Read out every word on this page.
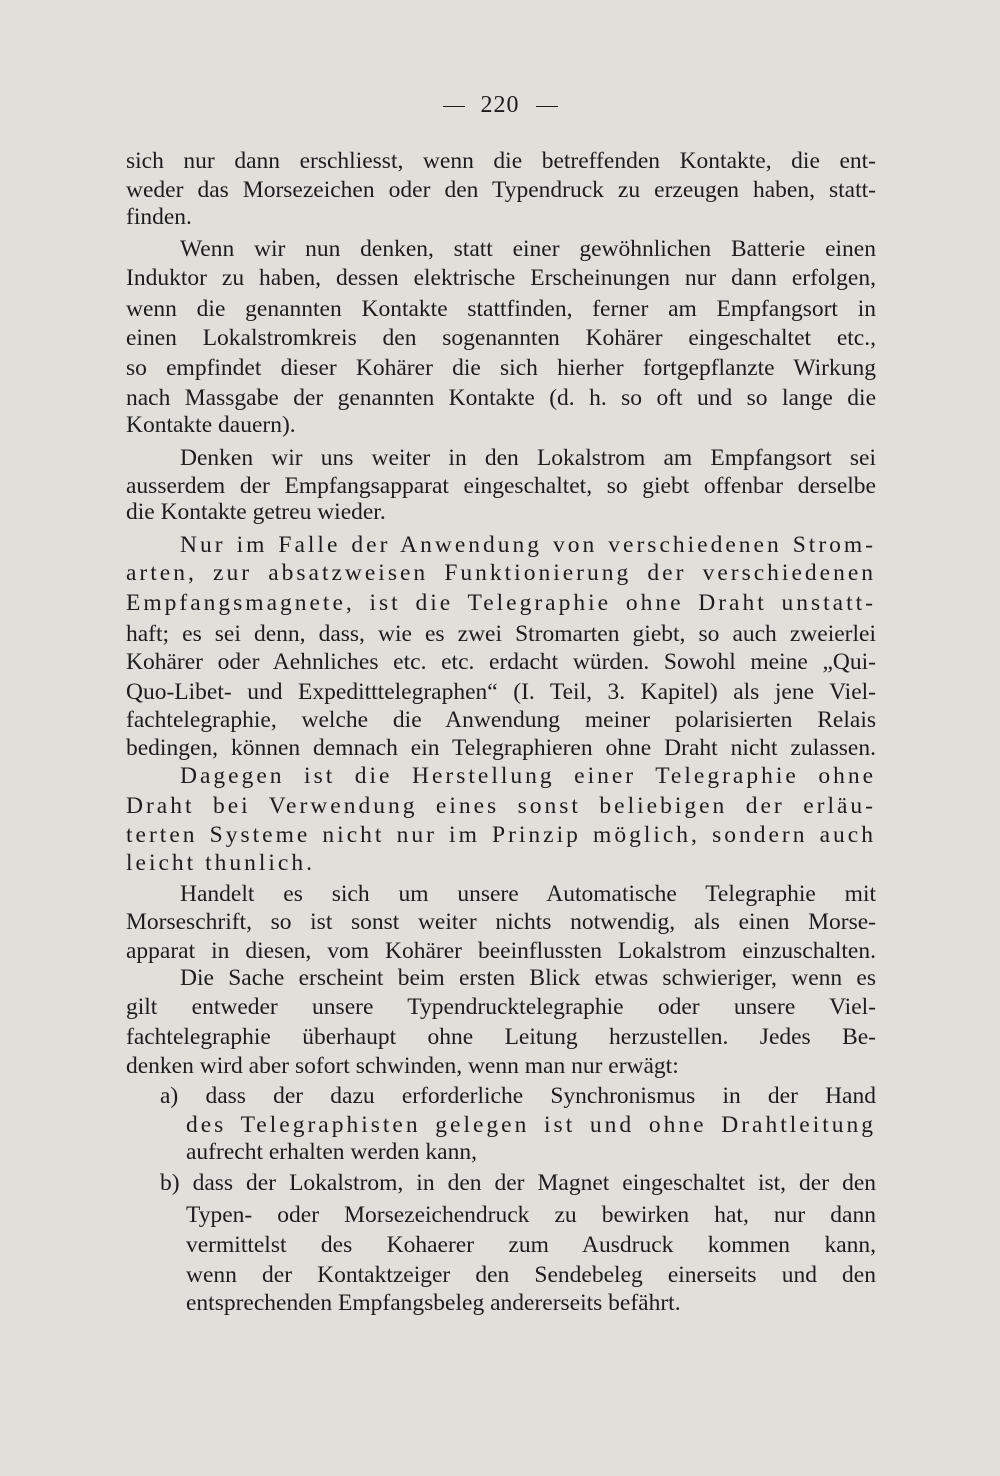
220
sich nur dann erschliesst, wenn die betreffenden Kontakte, die ent-
weder das Morsezeichen oder den Typendruck zu erzeugen haben, statt-
finden.
Wenn wir nun denken, statt einer gewöhnlichen Batterie einen
Induktor zu haben, dessen elektrische Erscheinungen nur dann erfolgen,
wenn die genannten Kontakte stattfinden, ferner am Empfangsort in
einen Lokalstromkreis den sogenannten Kohärer eingeschaltet etc.,
so empfindet dieser Kohärer die sich hierher fortgepflanzte Wirkung
nach Massgabe der genannten Kontakte (d. h. so oft und so lange die
Kontakte dauern).
Denken wir uns weiter in den Lokalstrom am Empfangsort sei
ausserdem der Empfangsapparat eingeschaltet, so giebt offenbar derselbe
die Kontakte getreu wieder.
Nur im Falle der Anwendung von verschiedenen Strom-
arten, zur absatzweisen Funktionierung der verschiedenen
Empfangsmagnete, ist die Telegraphie ohne Draht unstatt-
haft; es sei denn, dass, wie es zwei Stromarten giebt, so auch zweierlei
Kohärer oder Aehnliches etc. etc. erdacht würden. Sowohl meine „Qui-
Quo-Libet- und Expeditttelegraphen“ (I. Teil, 3. Kapitel) als jene Viel-
fachtelegraphie, welche die Anwendung meiner polarisierten Relais
bedingen, können demnach ein Telegraphieren ohne Draht nicht zulassen.
Dagegen ist die Herstellung einer Telegraphie ohne
Draht bei Verwendung eines sonst beliebigen der erläu-
terten Systeme nicht nur im Prinzip möglich, sondern auch
leicht thunlich.
Handelt es sich um unsere Automatische Telegraphie mit
Morseschrift, so ist sonst weiter nichts notwendig, als einen Morse-
apparat in diesen, vom Kohärer beeinflussten Lokalstrom einzuschalten.
Die Sache erscheint beim ersten Blick etwas schwieriger, wenn es
gilt entweder unsere Typendrucktelegraphie oder unsere Viel-
fachtelegraphie überhaupt ohne Leitung herzustellen. Jedes Be-
denken wird aber sofort schwinden, wenn man nur erwägt:
a) dass der dazu erforderliche Synchronismus in der Hand
des Telegraphisten gelegen ist und ohne Drahtleitung
aufrecht erhalten werden kann,
b) dass der Lokalstrom, in den der Magnet eingeschaltet ist, der den
Typen- oder Morsezeichendruck zu bewirken hat, nur dann
vermittelst des Kohaerer zum Ausdruck kommen kann,
wenn der Kontaktzeiger den Sendebeleg einerseits und den
entsprechenden Empfangsbeleg andererseits befährt.
